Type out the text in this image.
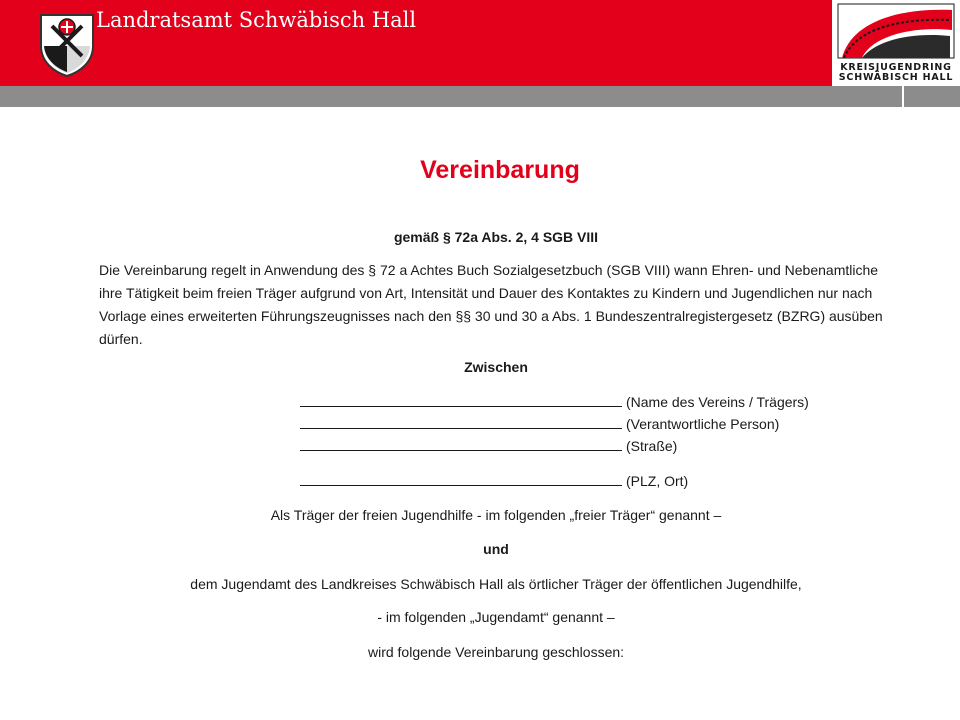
Landratsamt Schwäbisch Hall
KREISJUGENDRING
SCHWÄBISCH HALL
Vereinbarung
gemäß § 72a Abs. 2, 4 SGB VIII
Die Vereinbarung regelt in Anwendung des § 72 a Achtes Buch Sozialgesetzbuch (SGB VIII) wann Ehren- und Nebenamtliche ihre Tätigkeit beim freien Träger aufgrund von Art, Intensität und Dauer des Kontaktes zu Kindern und Jugendlichen nur nach Vorlage eines erweiterten Führungszeugnisses nach den §§ 30 und 30 a Abs. 1 Bundeszentralregistergesetz (BZRG) ausüben dürfen.
Zwischen
(Name des Vereins / Trägers)
(Verantwortliche Person)
(Straße)
(PLZ, Ort)
Als Träger der freien Jugendhilfe - im folgenden „freier Träger“ genannt –
und
dem Jugendamt des Landkreises Schwäbisch Hall als örtlicher Träger der öffentlichen Jugendhilfe,
- im folgenden „Jugendamt“ genannt –
wird folgende Vereinbarung geschlossen:
